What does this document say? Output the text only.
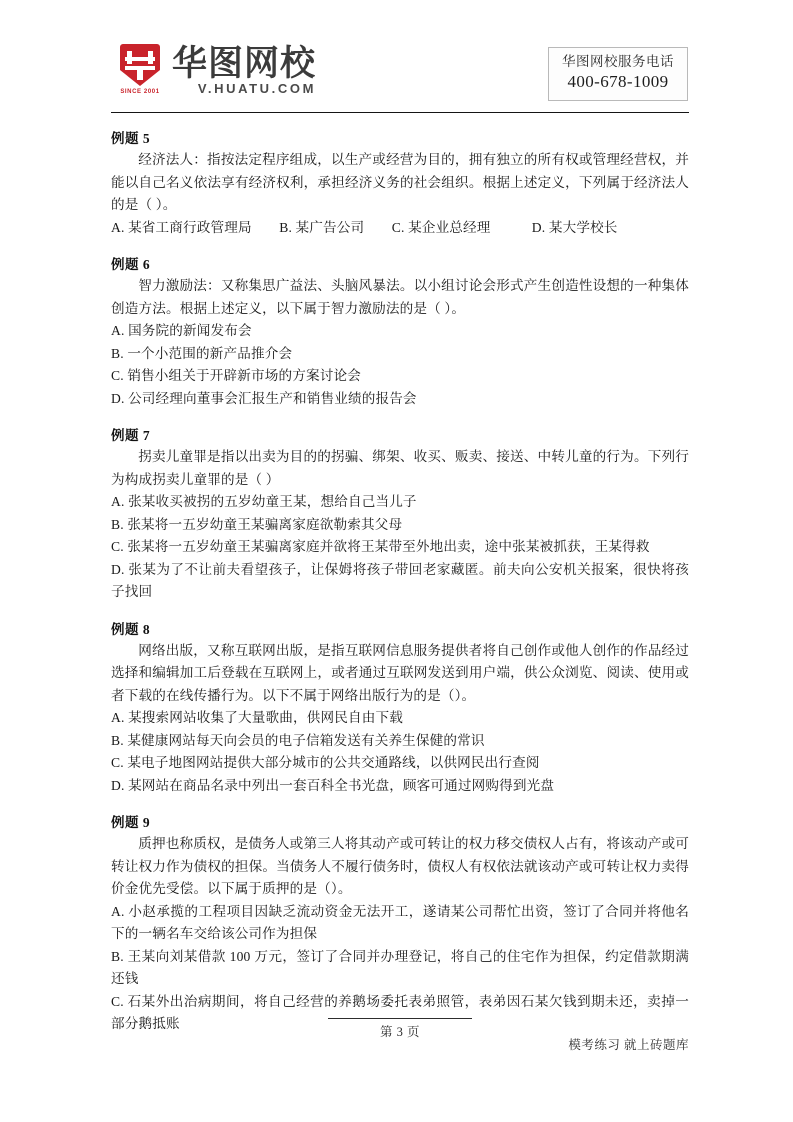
SINCE 2001
华图网校
V.HUATU.COM
华图网校服务电话
400-678-1009
例题 5
经济法人：指按法定程序组成，以生产或经营为目的，拥有独立的所有权或管理经营权，并能以自己名义依法享有经济权利，承担经济义务的社会组织。根据上述定义，下列属于经济法人的是（ ）。
A. 某省工商行政管理局　　B. 某广告公司　　C. 某企业总经理　　　D. 某大学校长
例题 6
智力激励法：又称集思广益法、头脑风暴法。以小组讨论会形式产生创造性设想的一种集体创造方法。根据上述定义，以下属于智力激励法的是（ ）。
A. 国务院的新闻发布会
B. 一个小范围的新产品推介会
C. 销售小组关于开辟新市场的方案讨论会
D. 公司经理向董事会汇报生产和销售业绩的报告会
例题 7
拐卖儿童罪是指以出卖为目的的拐骗、绑架、收买、贩卖、接送、中转儿童的行为。下列行为构成拐卖儿童罪的是（ ）
A. 张某收买被拐的五岁幼童王某，想给自己当儿子
B. 张某将一五岁幼童王某骗离家庭欲勒索其父母
C. 张某将一五岁幼童王某骗离家庭并欲将王某带至外地出卖，途中张某被抓获，王某得救
D. 张某为了不让前夫看望孩子，让保姆将孩子带回老家藏匿。前夫向公安机关报案，很快将孩子找回
例题 8
网络出版，又称互联网出版，是指互联网信息服务提供者将自己创作或他人创作的作品经过选择和编辑加工后登载在互联网上，或者通过互联网发送到用户端，供公众浏览、阅读、使用或者下载的在线传播行为。以下不属于网络出版行为的是（）。
A. 某搜索网站收集了大量歌曲，供网民自由下载
B. 某健康网站每天向会员的电子信箱发送有关养生保健的常识
C. 某电子地图网站提供大部分城市的公共交通路线，以供网民出行查阅
D. 某网站在商品名录中列出一套百科全书光盘，顾客可通过网购得到光盘
例题 9
质押也称质权，是债务人或第三人将其动产或可转让的权力移交债权人占有，将该动产或可转让权力作为债权的担保。当债务人不履行债务时，债权人有权依法就该动产或可转让权力卖得价金优先受偿。以下属于质押的是（）。
A. 小赵承揽的工程项目因缺乏流动资金无法开工，遂请某公司帮忙出资，签订了合同并将他名下的一辆名车交给该公司作为担保
B. 王某向刘某借款 100 万元，签订了合同并办理登记，将自己的住宅作为担保，约定借款期满还钱
C. 石某外出治病期间，将自己经营的养鹅场委托表弟照管，表弟因石某欠钱到期未还，卖掉一部分鹅抵账
第 3 页
模考练习 就上砖题库
